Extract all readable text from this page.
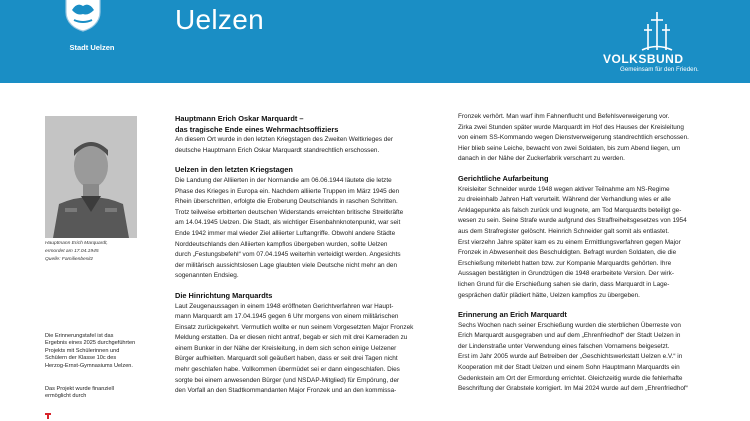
Stadt Uelzen
Uelzen
VOLKSBUND
Gemeinsam für den Frieden.
Hauptmann Erich Marquardt,
ermordet am 17.04.1945
Quelle: Familienbesitz
Die Erinnerungstafel ist das
Ergebnis eines 2025 durchgeführten
Projekts mit Schülerinnen und
Schülern der Klasse 10c des
Herzog-Ernst-Gymnasiums Uelzen.
Das Projekt wurde finanziell
ermöglicht durch
Hauptmann Erich Oskar Marquardt –
das tragische Ende eines Wehrmachtsoffiziers

An diesem Ort wurde in den letzten Kriegstagen des Zweiten Weltkrieges der

deutsche Hauptmann Erich Oskar Marquardt standrechtlich erschossen.

Uelzen in den letzten Kriegstagen

Die Landung der Alliierten in der Normandie am 06.06.1944 läutete die letzte

Phase des Krieges in Europa ein. Nachdem alliierte Truppen im März 1945 den

Rhein überschritten, erfolgte die Eroberung Deutschlands in raschen Schritten.

Trotz teilweise erbitterten deutschen Widerstands erreichten britische Streitkräfte

am 14.04.1945 Uelzen. Die Stadt, als wichtiger Eisenbahnknotenpunkt, war seit

Ende 1942 immer mal wieder Ziel alliierter Luftangriffe. Obwohl andere Städte

Norddeutschlands den Alliierten kampflos übergeben wurden, sollte Uelzen

durch „Festungsbefehl“ vom 07.04.1945 weiterhin verteidigt werden. Angesichts

der militärisch aussichtslosen Lage glaubten viele Deutsche nicht mehr an den

sogenannten Endsieg.

Die Hinrichtung Marquardts

Laut Zeugenaussagen in einem 1948 eröffneten Gerichtverfahren war Haupt-

mann Marquardt am 17.04.1945 gegen 6 Uhr morgens von einem militärischen

Einsatz zurückgekehrt. Vermutlich wollte er nun seinem Vorgesetzten Major Fronzek

Meldung erstatten. Da er diesen nicht antraf, begab er sich mit drei Kameraden zu

einem Bunker in der Nähe der Kreisleitung, in dem sich schon einige Uelzener

Bürger aufhielten. Marquardt soll geäußert haben, dass er seit drei Tagen nicht

mehr geschlafen habe. Vollkommen übermüdet sei er dann eingeschlafen. Dies

sorgte bei einem anwesenden Bürger (und NSDAP-Mitglied) für Empörung, der

den Vorfall an den Stadtkommandanten Major Fronzek und an den kommissa-

Fronzek verhört. Man warf ihm Fahnenflucht und Befehlsverweigerung vor.

Zirka zwei Stunden später wurde Marquardt im Hof des Hauses der Kreisleitung

von einem SS-Kommando wegen Dienstverweigerung standrechtlich erschossen.

Hier blieb seine Leiche, bewacht von zwei Soldaten, bis zum Abend liegen, um

danach in der Nähe der Zuckerfabrik verscharrt zu werden.

Gerichtliche Aufarbeitung

Kreisleiter Schneider wurde 1948 wegen aktiver Teilnahme am NS-Regime

zu dreieinhalb Jahren Haft verurteilt. Während der Verhandlung wies er alle

Anklagepunkte als falsch zurück und leugnete, am Tod Marquardts beteiligt ge-

wesen zu sein. Seine Strafe wurde aufgrund des Straffreiheitsgesetzes von 1954

aus dem Strafregister gelöscht. Heinrich Schneider galt somit als entlastet.

Erst vierzehn Jahre später kam es zu einem Ermittlungsverfahren gegen Major

Fronzek in Abwesenheit des Beschuldigten. Befragt wurden Soldaten, die die

Erschießung miterlebt hatten bzw. zur Kompanie Marquardts gehörten. Ihre

Aussagen bestätigten in Grundzügen die 1948 erarbeitete Version. Der wirk-

lichen Grund für die Erschießung sahen sie darin, dass Marquardt in Lage-

gesprächen dafür plädiert hätte, Uelzen kampflos zu übergeben.

Erinnerung an Erich Marquardt

Sechs Wochen nach seiner Erschießung wurden die sterblichen Überreste von

Erich Marquardt ausgegraben und auf dem „Ehrenfriedhof“ der Stadt Uelzen in

der Lindenstraße unter Verwendung eines falschen Vornamens beigesetzt.

Erst im Jahr 2005 wurde auf Betreiben der „Geschichtswerkstatt Uelzen e.V.“ in

Kooperation mit der Stadt Uelzen und einem Sohn Hauptmann Marquardts ein

Gedenkstein am Ort der Ermordung errichtet. Gleichzeitig wurde die fehlerhafte

Beschriftung der Grabstele korrigiert. Im Mai 2024 wurde auf dem „Ehrenfriedhof“
